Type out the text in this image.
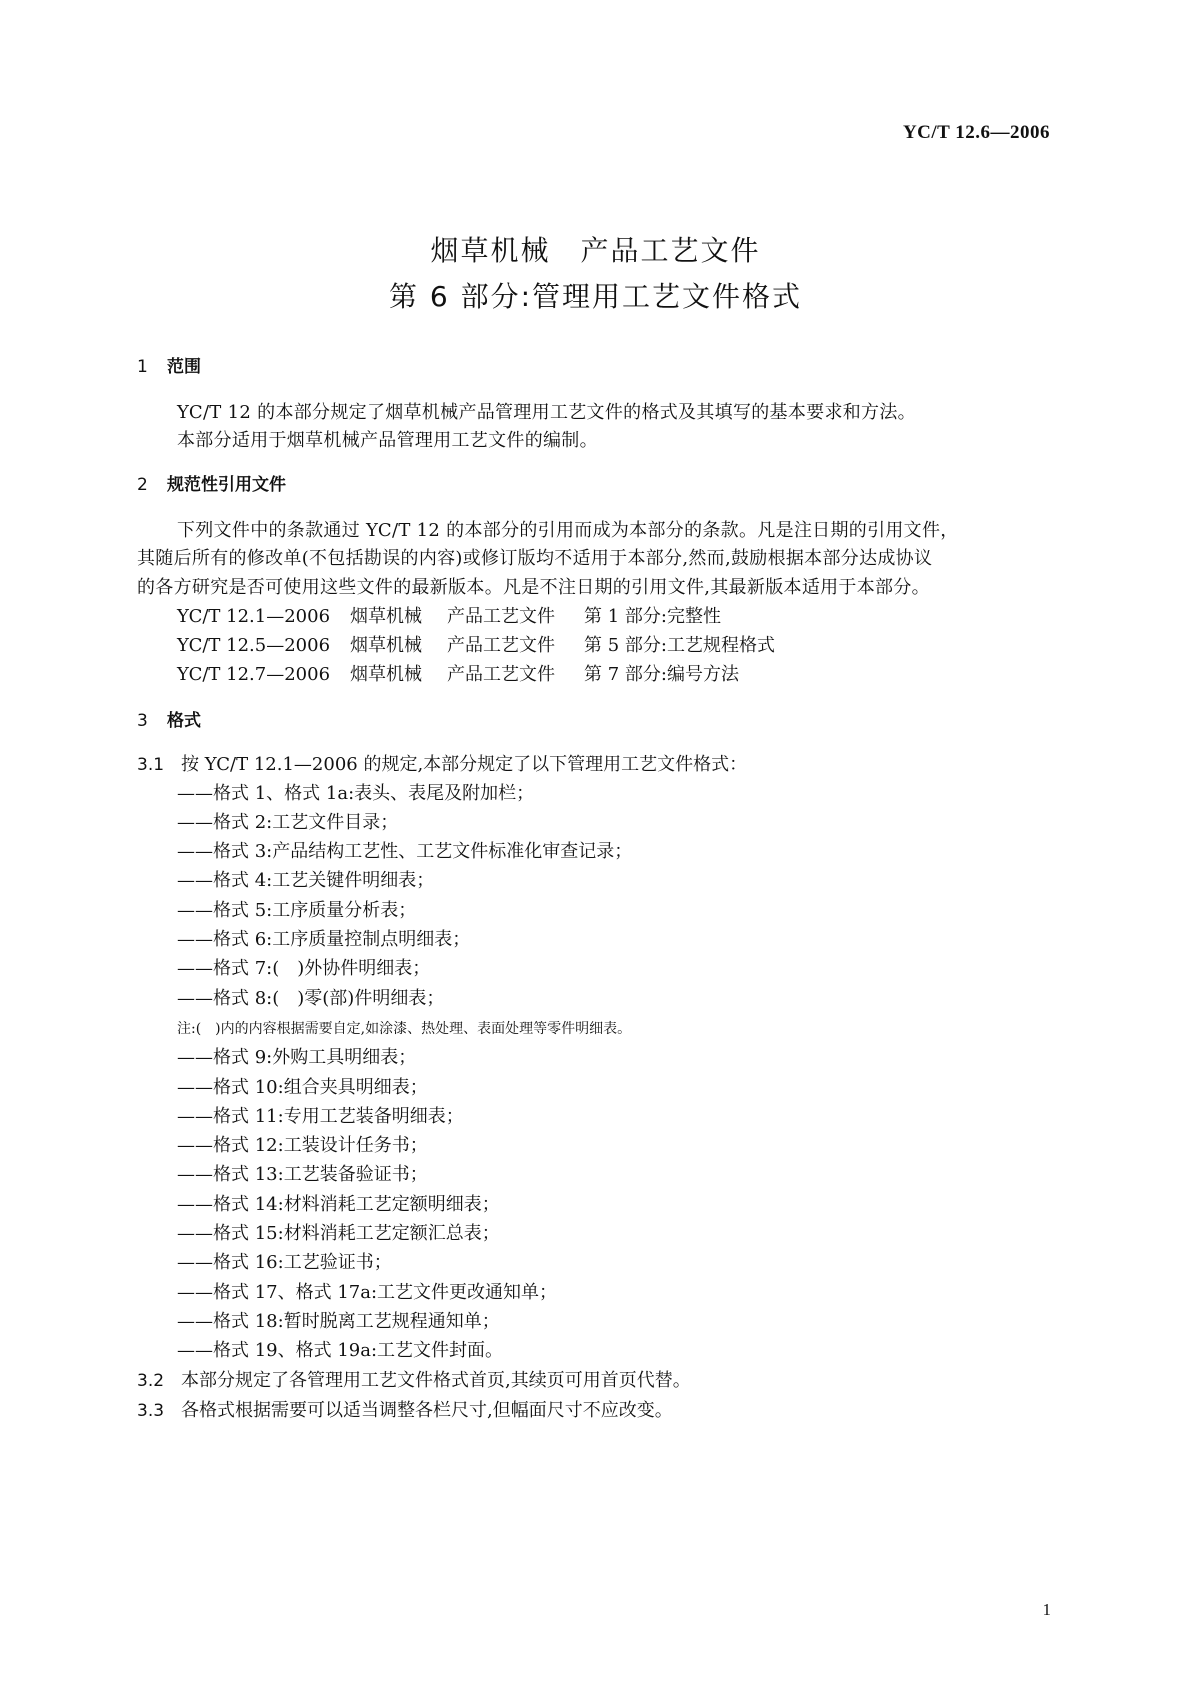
YC/T 12.6—2006
烟草机械 产品工艺文件
第 6 部分:管理用工艺文件格式
1 范围
YC/T 12 的本部分规定了烟草机械产品管理用工艺文件的格式及其填写的基本要求和方法。
本部分适用于烟草机械产品管理用工艺文件的编制。
2 规范性引用文件
下列文件中的条款通过 YC/T 12 的本部分的引用而成为本部分的条款。凡是注日期的引用文件，
其随后所有的修改单(不包括勘误的内容)或修订版均不适用于本部分,然而,鼓励根据本部分达成协议
的各方研究是否可使用这些文件的最新版本。凡是不注日期的引用文件,其最新版本适用于本部分。
YC/T 12.1—2006 烟草机械 产品工艺文件 第 1 部分:完整性
YC/T 12.5—2006 烟草机械 产品工艺文件 第 5 部分:工艺规程格式
YC/T 12.7—2006 烟草机械 产品工艺文件 第 7 部分:编号方法
3 格式
3.1 按 YC/T 12.1—2006 的规定,本部分规定了以下管理用工艺文件格式：
——格式 1、格式 1a:表头、表尾及附加栏；
——格式 2:工艺文件目录；
——格式 3:产品结构工艺性、工艺文件标准化审查记录；
——格式 4:工艺关键件明细表；
——格式 5:工序质量分析表；
——格式 6:工序质量控制点明细表；
——格式 7:(　)外协件明细表；
——格式 8:(　)零(部)件明细表；
注:(　)内的内容根据需要自定,如涂漆、热处理、表面处理等零件明细表。
——格式 9:外购工具明细表；
——格式 10:组合夹具明细表；
——格式 11:专用工艺装备明细表；
——格式 12:工装设计任务书；
——格式 13:工艺装备验证书；
——格式 14:材料消耗工艺定额明细表；
——格式 15:材料消耗工艺定额汇总表；
——格式 16:工艺验证书；
——格式 17、格式 17a:工艺文件更改通知单；
——格式 18:暂时脱离工艺规程通知单；
——格式 19、格式 19a:工艺文件封面。
3.2 本部分规定了各管理用工艺文件格式首页,其续页可用首页代替。
3.3 各格式根据需要可以适当调整各栏尺寸,但幅面尺寸不应改变。
1
